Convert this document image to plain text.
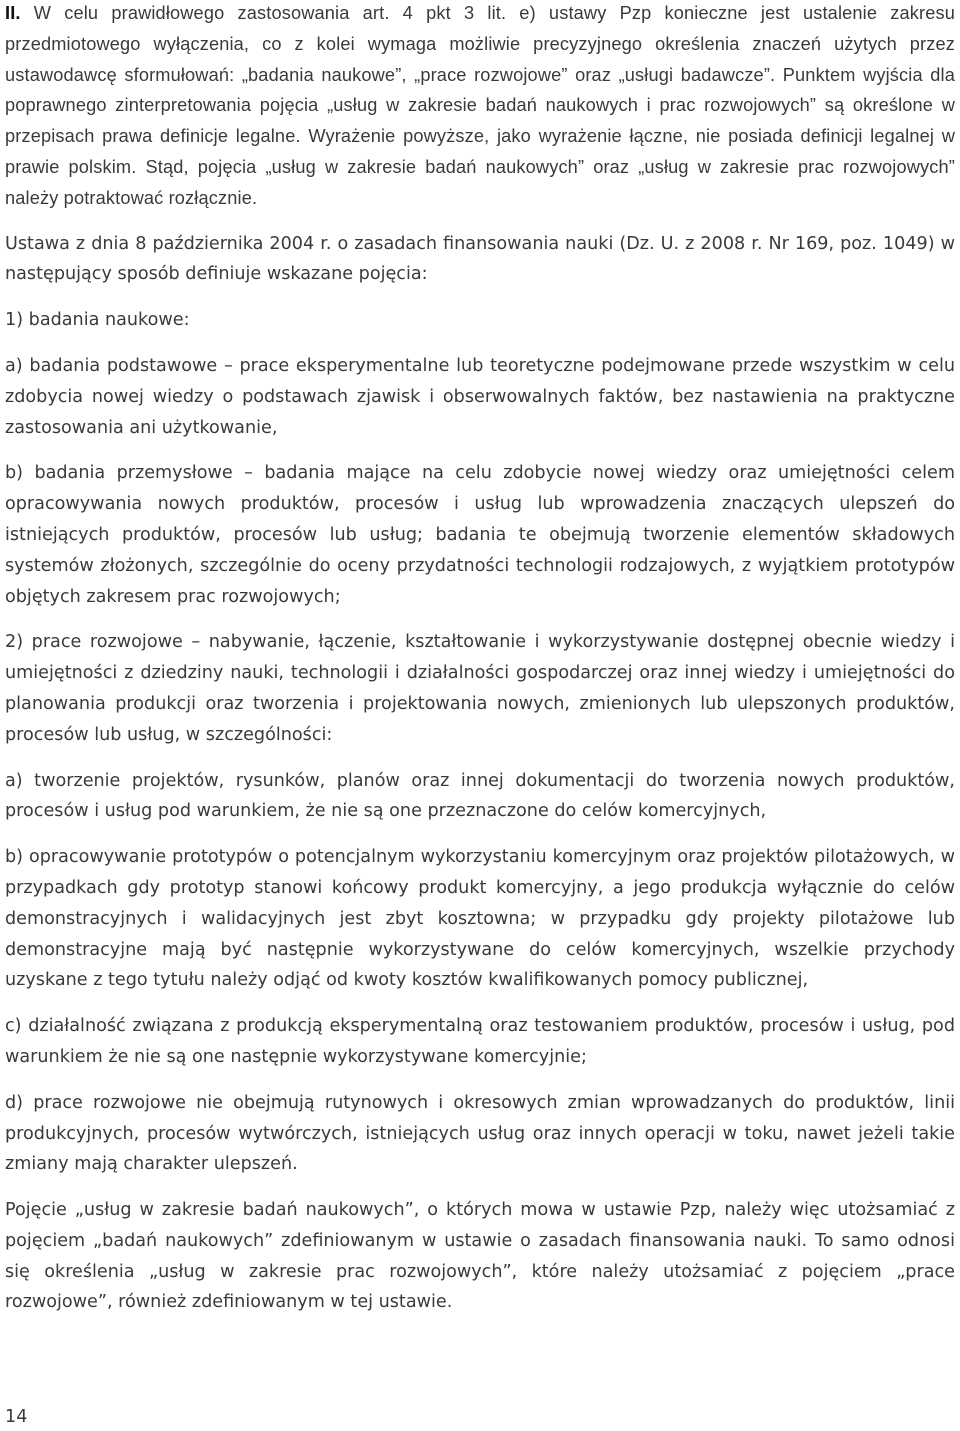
II. W celu prawidłowego zastosowania art. 4 pkt 3 lit. e) ustawy Pzp konieczne jest ustalenie zakresu przedmiotowego wyłączenia, co z kolei wymaga możliwie precyzyjnego określenia znaczeń użytych przez ustawodawcę sformułowań: „badania naukowe”, „prace rozwojowe” oraz „usługi badawcze”. Punktem wyjścia dla poprawnego zinterpretowania pojęcia „usług w zakresie badań naukowych i prac rozwojowych” są określone w przepisach prawa definicje legalne. Wyrażenie powyższe, jako wyrażenie łączne, nie posiada definicji legalnej w prawie polskim. Stąd, pojęcia „usług w zakresie badań naukowych” oraz „usług w zakresie prac rozwojowych” należy potraktować rozłącznie.

Ustawa z dnia 8 października 2004 r. o zasadach finansowania nauki (Dz. U. z 2008 r. Nr 169, poz. 1049) w następujący sposób definiuje wskazane pojęcia:

1) badania naukowe:

a) badania podstawowe – prace eksperymentalne lub teoretyczne podejmowane przede wszystkim w celu zdobycia nowej wiedzy o podstawach zjawisk i obserwowalnych faktów, bez nastawienia na praktyczne zastosowania ani użytkowanie,

b) badania przemysłowe – badania mające na celu zdobycie nowej wiedzy oraz umiejętności celem opracowywania nowych produktów, procesów i usług lub wprowadzenia znaczących ulepszeń do istniejących produktów, procesów lub usług; badania te obejmują tworzenie elementów składowych systemów złożonych, szczególnie do oceny przydatności technologii rodzajowych, z wyjątkiem prototypów objętych zakresem prac rozwojowych;

2) prace rozwojowe – nabywanie, łączenie, kształtowanie i wykorzystywanie dostępnej obecnie wiedzy i umiejętności z dziedziny nauki, technologii i działalności gospodarczej oraz innej wiedzy i umiejętności do planowania produkcji oraz tworzenia i projektowania nowych, zmienionych lub ulepszonych produktów, procesów lub usług, w szczególności:

a) tworzenie projektów, rysunków, planów oraz innej dokumentacji do tworzenia nowych produktów, procesów i usług pod warunkiem, że nie są one przeznaczone do celów komercyjnych,

b) opracowywanie prototypów o potencjalnym wykorzystaniu komercyjnym oraz projektów pilotażowych, w przypadkach gdy prototyp stanowi końcowy produkt komercyjny, a jego produkcja wyłącznie do celów demonstracyjnych i walidacyjnych jest zbyt kosztowna; w przypadku gdy projekty pilotażowe lub demonstracyjne mają być następnie wykorzystywane do celów komercyjnych, wszelkie przychody uzyskane z tego tytułu należy odjąć od kwoty kosztów kwalifikowanych pomocy publicznej,

c) działalność związana z produkcją eksperymentalną oraz testowaniem produktów, procesów i usług, pod warunkiem że nie są one następnie wykorzystywane komercyjnie;

d) prace rozwojowe nie obejmują rutynowych i okresowych zmian wprowadzanych do produktów, linii produkcyjnych, procesów wytwórczych, istniejących usług oraz innych operacji w toku, nawet jeżeli takie zmiany mają charakter ulepszeń.

Pojęcie „usług w zakresie badań naukowych”, o których mowa w ustawie Pzp, należy więc utożsamiać z pojęciem „badań naukowych” zdefiniowanym w ustawie o zasadach finansowania nauki. To samo odnosi się określenia „usług w zakresie prac rozwojowych”, które należy utożsamiać z pojęciem „prace rozwojowe”, również zdefiniowanym w tej ustawie.

14
